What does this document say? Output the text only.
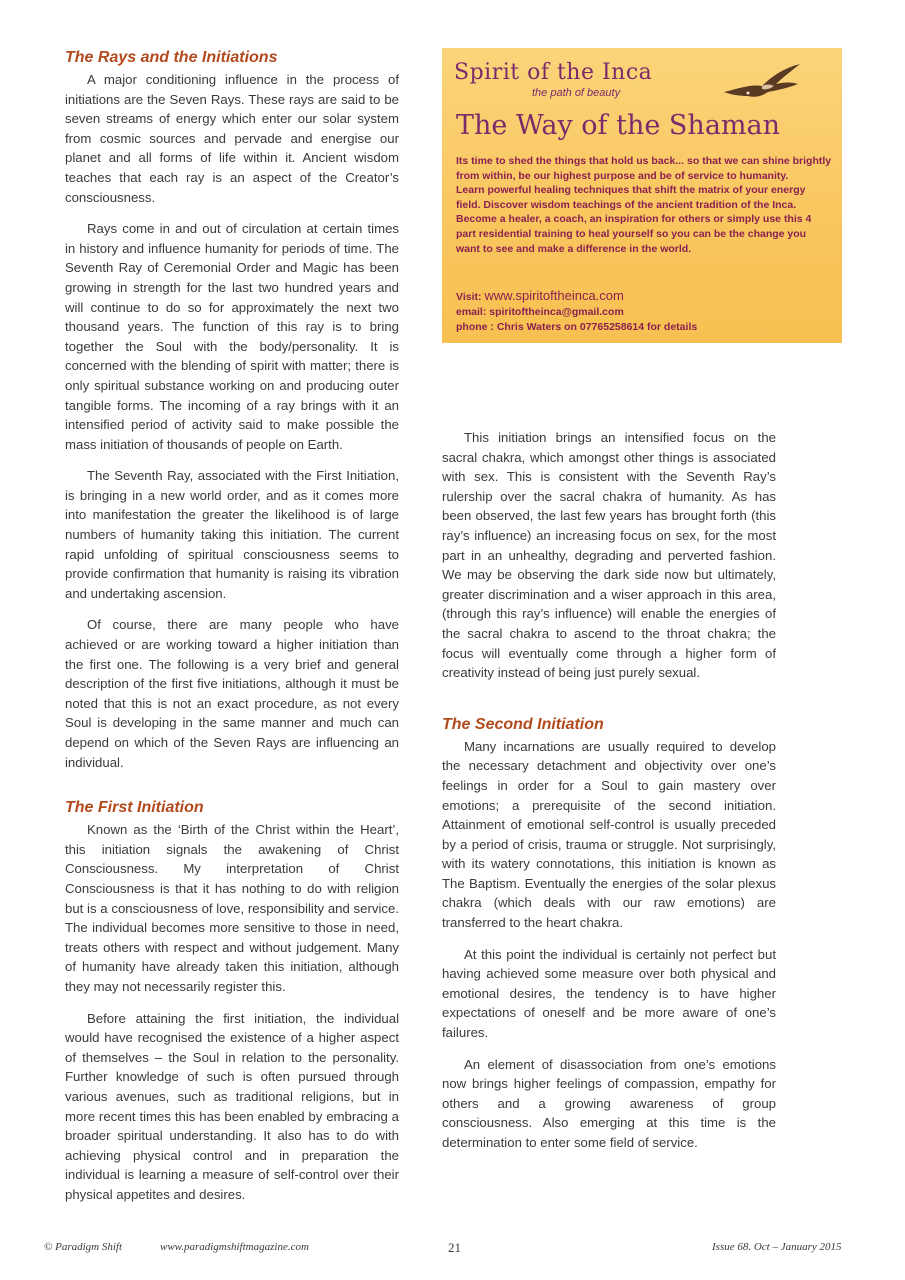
The Rays and the Initiations

A major conditioning influence in the process of initiations are the Seven Rays. These rays are said to be seven streams of energy which enter our solar system from cosmic sources and pervade and energise our planet and all forms of life within it. Ancient wisdom teaches that each ray is an aspect of the Creator’s consciousness.

Rays come in and out of circulation at certain times in history and influence humanity for periods of time. The Seventh Ray of Ceremonial Order and Magic has been growing in strength for the last two hundred years and will continue to do so for approximately the next two thousand years. The function of this ray is to bring together the Soul with the body/personality. It is concerned with the blending of spirit with matter; there is only spiritual substance working on and producing outer tangible forms. The incoming of a ray brings with it an intensified period of activity said to make possible the mass initiation of thousands of people on Earth.

The Seventh Ray, associated with the First Initiation, is bringing in a new world order, and as it comes more into manifestation the greater the likelihood is of large numbers of humanity taking this initiation. The current rapid unfolding of spiritual consciousness seems to provide confirmation that humanity is raising its vibration and undertaking ascension.

Of course, there are many people who have achieved or are working toward a higher initiation than the first one. The following is a very brief and general description of the first five initiations, although it must be noted that this is not an exact procedure, as not every Soul is developing in the same manner and much can depend on which of the Seven Rays are influencing an individual.

The First Initiation

Known as the ‘Birth of the Christ within the Heart’, this initiation signals the awakening of Christ Consciousness. My interpretation of Christ Consciousness is that it has nothing to do with religion but is a consciousness of love, responsibility and service. The individual becomes more sensitive to those in need, treats others with respect and without judgement. Many of humanity have already taken this initiation, although they may not necessarily register this.

Before attaining the first initiation, the individual would have recognised the existence of a higher aspect of themselves – the Soul in relation to the personality. Further knowledge of such is often pursued through various avenues, such as traditional religions, but in more recent times this has been enabled by embracing a broader spiritual understanding. It also has to do with achieving physical control and in preparation the individual is learning a measure of self-control over their physical appetites and desires.

Spirit of the Inca
the path of beauty
The Way of the Shaman

Its time to shed the things that hold us back... so that we can shine brightly from within, be our highest purpose and be of service to humanity.

Learn powerful healing techniques that shift the matrix of your energy field. Discover wisdom teachings of the ancient tradition of the Inca.

Become a healer, a coach, an inspiration for others or simply use this 4 part residential training to heal yourself so you can be the change you want to see and make a difference in the world.

Visit: www.spiritoftheinca.com
email: spiritoftheinca@gmail.com
phone : Chris Waters on 07765258614 for details

This initiation brings an intensified focus on the sacral chakra, which amongst other things is associated with sex. This is consistent with the Seventh Ray’s rulership over the sacral chakra of humanity. As has been observed, the last few years has brought forth (this ray’s influence) an increasing focus on sex, for the most part in an unhealthy, degrading and perverted fashion. We may be observing the dark side now but ultimately, greater discrimination and a wiser approach in this area, (through this ray’s influence) will enable the energies of the sacral chakra to ascend to the throat chakra; the focus will eventually come through a higher form of creativity instead of being just purely sexual.

The Second Initiation

Many incarnations are usually required to develop the necessary detachment and objectivity over one’s feelings in order for a Soul to gain mastery over emotions; a prerequisite of the second initiation. Attainment of emotional self-control is usually preceded by a period of crisis, trauma or struggle. Not surprisingly, with its watery connotations, this initiation is known as The Baptism. Eventually the energies of the solar plexus chakra (which deals with our raw emotions) are transferred to the heart chakra.

At this point the individual is certainly not perfect but having achieved some measure over both physical and emotional desires, the tendency is to have higher expectations of oneself and be more aware of one’s failures.

An element of disassociation from one’s emotions now brings higher feelings of compassion, empathy for others and a growing awareness of group consciousness. Also emerging at this time is the determination to enter some field of service.

© Paradigm Shift	www.paradigmshiftmagazine.com	21	Issue 68. Oct – January 2015
